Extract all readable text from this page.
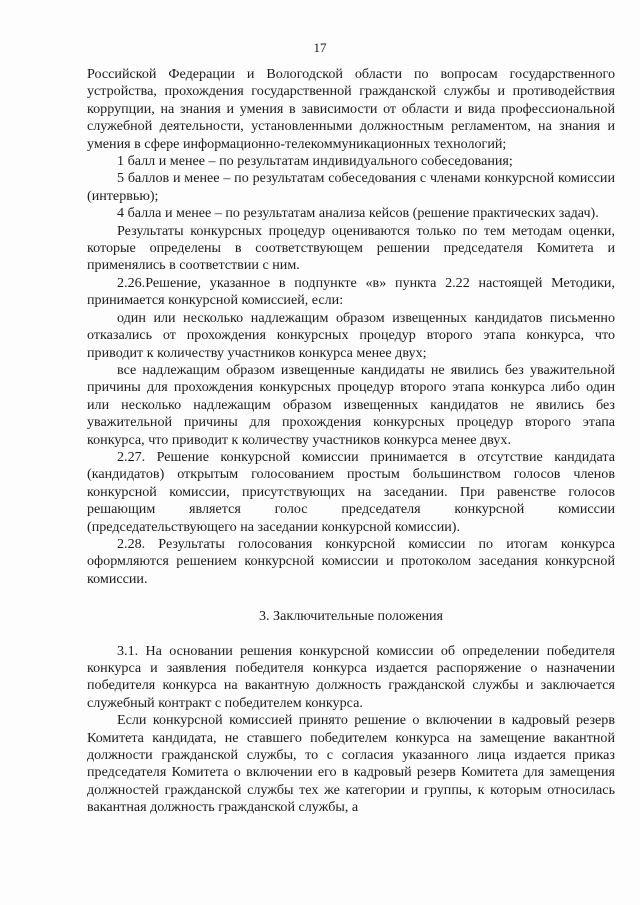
17

Российской Федерации и Вологодской области по вопросам государственного устройства, прохождения государственной гражданской службы и противодействия коррупции, на знания и умения в зависимости от области и вида профессиональной служебной деятельности, установленными должностным регламентом, на знания и умения в сфере информационно-телекоммуникационных технологий;

1 балл и менее – по результатам индивидуального собеседования;

5 баллов и менее – по результатам собеседования с членами конкурсной комиссии (интервью);

4 балла и менее – по результатам анализа кейсов (решение практических задач).

Результаты конкурсных процедур оцениваются только по тем методам оценки, которые определены в соответствующем решении председателя Комитета и применялись в соответствии с ним.

2.26.Решение, указанное в подпункте «в» пункта 2.22 настоящей Методики, принимается конкурсной комиссией, если:

один или несколько надлежащим образом извещенных кандидатов письменно отказались от прохождения конкурсных процедур второго этапа конкурса, что приводит к количеству участников конкурса менее двух;

все надлежащим образом извещенные кандидаты не явились без уважительной причины для прохождения конкурсных процедур второго этапа конкурса либо один или несколько надлежащим образом извещенных кандидатов не явились без уважительной причины для прохождения конкурсных процедур второго этапа конкурса, что приводит к количеству участников конкурса менее двух.

2.27. Решение конкурсной комиссии принимается в отсутствие кандидата (кандидатов) открытым голосованием простым большинством голосов членов конкурсной комиссии, присутствующих на заседании. При равенстве голосов решающим является голос председателя конкурсной комиссии (председательствующего на заседании конкурсной комиссии).

2.28. Результаты голосования конкурсной комиссии по итогам конкурса оформляются решением конкурсной комиссии и протоколом заседания конкурсной комиссии.

3. Заключительные положения

3.1. На основании решения конкурсной комиссии об определении победителя конкурса и заявления победителя конкурса издается распоряжение о назначении победителя конкурса на вакантную должность гражданской службы и заключается служебный контракт с победителем конкурса.

Если конкурсной комиссией принято решение о включении в кадровый резерв Комитета кандидата, не ставшего победителем конкурса на замещение вакантной должности гражданской службы, то с согласия указанного лица издается приказ председателя Комитета о включении его в кадровый резерв Комитета для замещения должностей гражданской службы тех же категории и группы, к которым относилась вакантная должность гражданской службы, а
